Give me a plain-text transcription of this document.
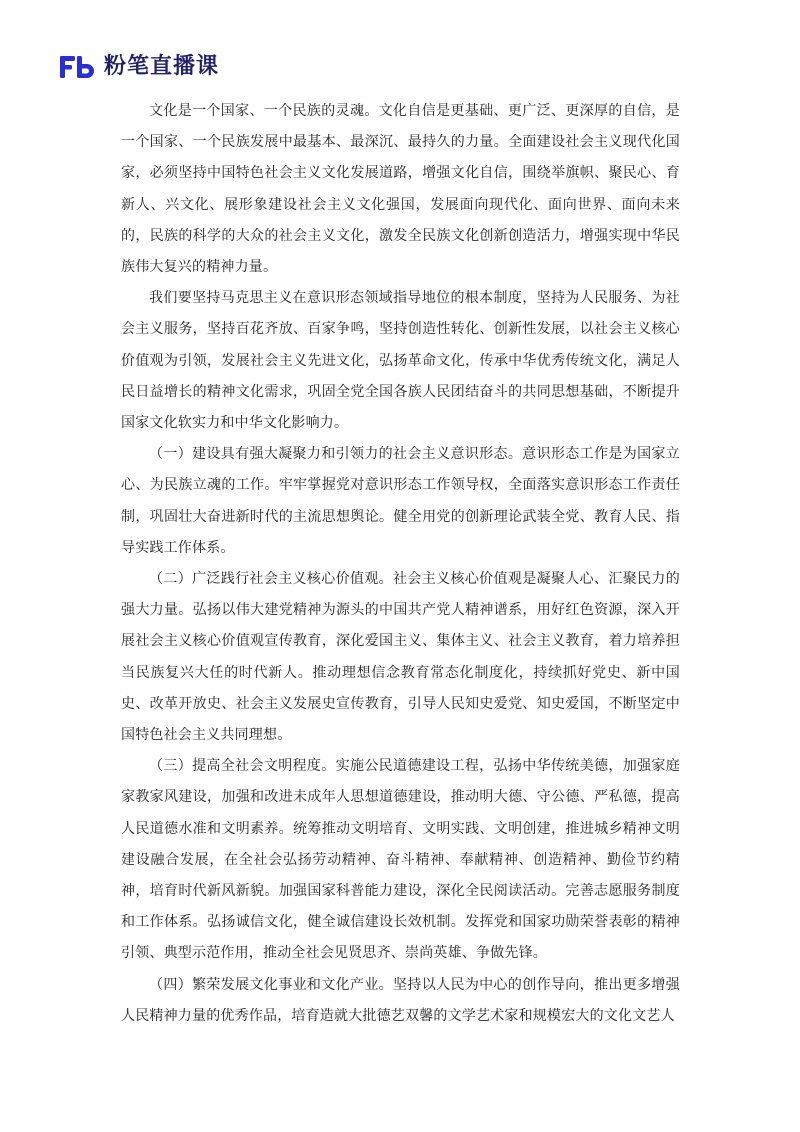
粉笔直播课

文化是一个国家、一个民族的灵魂。文化自信是更基础、更广泛、更深厚的自信，是一个国家、一个民族发展中最基本、最深沉、最持久的力量。全面建设社会主义现代化国家，必须坚持中国特色社会主义文化发展道路，增强文化自信，围绕举旗帜、聚民心、育新人、兴文化、展形象建设社会主义文化强国，发展面向现代化、面向世界、面向未来的，民族的科学的大众的社会主义文化，激发全民族文化创新创造活力，增强实现中华民族伟大复兴的精神力量。

我们要坚持马克思主义在意识形态领域指导地位的根本制度，坚持为人民服务、为社会主义服务，坚持百花齐放、百家争鸣，坚持创造性转化、创新性发展，以社会主义核心价值观为引领，发展社会主义先进文化，弘扬革命文化，传承中华优秀传统文化，满足人民日益增长的精神文化需求，巩固全党全国各族人民团结奋斗的共同思想基础，不断提升国家文化软实力和中华文化影响力。

（一）建设具有强大凝聚力和引领力的社会主义意识形态。意识形态工作是为国家立心、为民族立魂的工作。牢牢掌握党对意识形态工作领导权，全面落实意识形态工作责任制，巩固壮大奋进新时代的主流思想舆论。健全用党的创新理论武装全党、教育人民、指导实践工作体系。

（二）广泛践行社会主义核心价值观。社会主义核心价值观是凝聚人心、汇聚民力的强大力量。弘扬以伟大建党精神为源头的中国共产党人精神谱系，用好红色资源，深入开展社会主义核心价值观宣传教育，深化爱国主义、集体主义、社会主义教育，着力培养担当民族复兴大任的时代新人。推动理想信念教育常态化制度化，持续抓好党史、新中国史、改革开放史、社会主义发展史宣传教育，引导人民知史爱党、知史爱国，不断坚定中国特色社会主义共同理想。

（三）提高全社会文明程度。实施公民道德建设工程，弘扬中华传统美德，加强家庭家教家风建设，加强和改进未成年人思想道德建设，推动明大德、守公德、严私德，提高人民道德水准和文明素养。统筹推动文明培育、文明实践、文明创建，推进城乡精神文明建设融合发展，在全社会弘扬劳动精神、奋斗精神、奉献精神、创造精神、勤俭节约精神，培育时代新风新貌。加强国家科普能力建设，深化全民阅读活动。完善志愿服务制度和工作体系。弘扬诚信文化，健全诚信建设长效机制。发挥党和国家功勋荣誉表彰的精神引领、典型示范作用，推动全社会见贤思齐、崇尚英雄、争做先锋。

（四）繁荣发展文化事业和文化产业。坚持以人民为中心的创作导向，推出更多增强人民精神力量的优秀作品，培育造就大批德艺双馨的文学艺术家和规模宏大的文化文艺人
